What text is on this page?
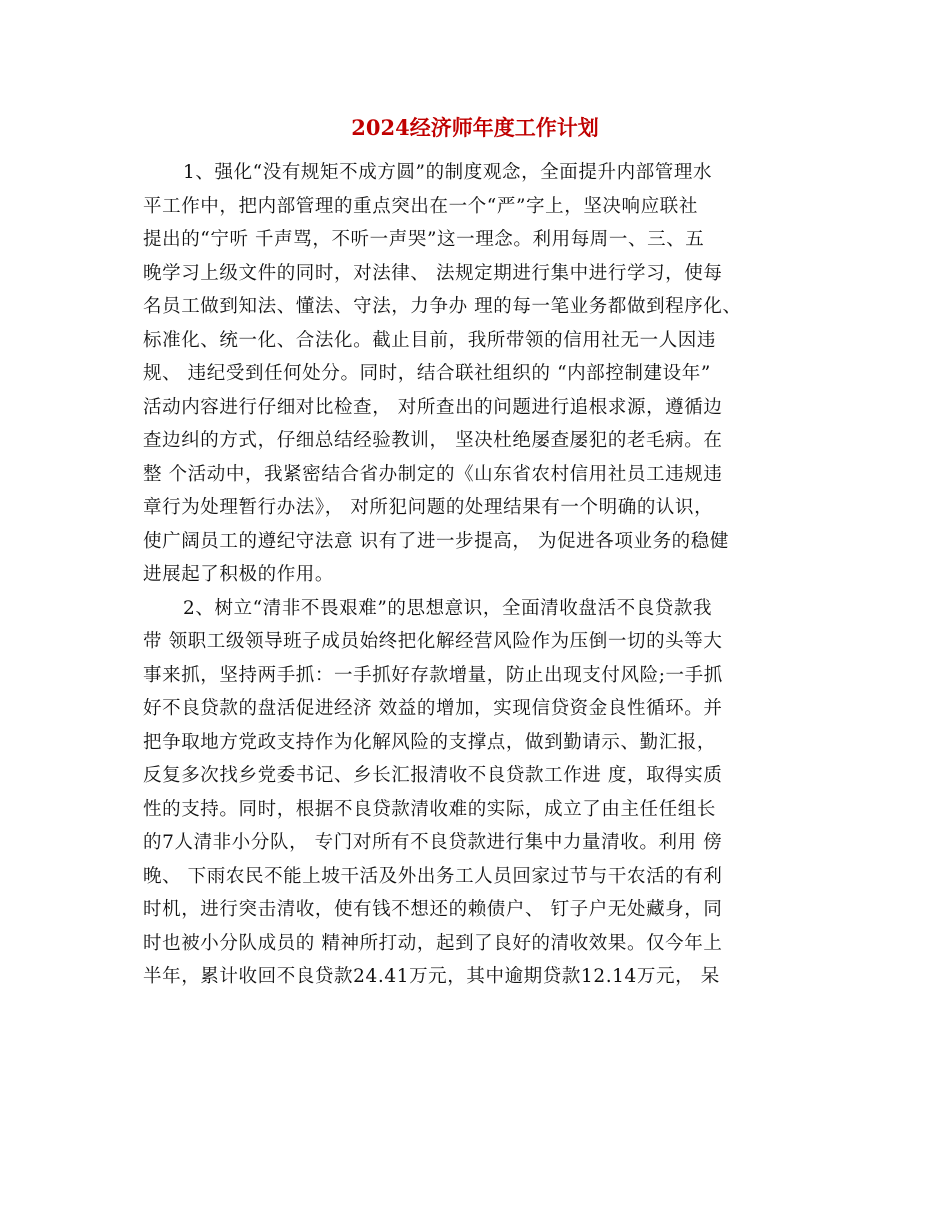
2024经济师年度工作计划
1、强化“没有规矩不成方圆”的制度观念，全面提升内部管理水
平工作中，把内部管理的重点突出在一个“严”字上，坚决响应联社
提出的“宁听 千声骂，不听一声哭”这一理念。利用每周一、三、五
晚学习上级文件的同时，对法律、 法规定期进行集中进行学习，使每
名员工做到知法、懂法、守法，力争办 理的每一笔业务都做到程序化、
标准化、统一化、合法化。截止目前，我所带领的信用社无一人因违
规、 违纪受到任何处分。同时，结合联社组织的 “内部控制建设年”
活动内容进行仔细对比检查， 对所查出的问题进行追根求源，遵循边
查边纠的方式，仔细总结经验教训， 坚决杜绝屡查屡犯的老毛病。在
整 个活动中，我紧密结合省办制定的《山东省农村信用社员工违规违
章行为处理暂行办法》， 对所犯问题的处理结果有一个明确的认识，
使广阔员工的遵纪守法意 识有了进一步提高， 为促进各项业务的稳健
进展起了积极的作用。
2、树立“清非不畏艰难”的思想意识，全面清收盘活不良贷款我
带 领职工级领导班子成员始终把化解经营风险作为压倒一切的头等大
事来抓，坚持两手抓：一手抓好存款增量，防止出现支付风险;一手抓
好不良贷款的盘活促进经济 效益的增加，实现信贷资金良性循环。并
把争取地方党政支持作为化解风险的支撑点，做到勤请示、勤汇报，
反复多次找乡党委书记、乡长汇报清收不良贷款工作进 度，取得实质
性的支持。同时，根据不良贷款清收难的实际，成立了由主任任组长
的7人清非小分队， 专门对所有不良贷款进行集中力量清收。利用 傍
晚、 下雨农民不能上坡干活及外出务工人员回家过节与干农活的有利
时机，进行突击清收，使有钱不想还的赖债户、 钉子户无处藏身，同
时也被小分队成员的 精神所打动，起到了良好的清收效果。仅今年上
半年，累计收回不良贷款24.41万元，其中逾期贷款12.14万元， 呆
